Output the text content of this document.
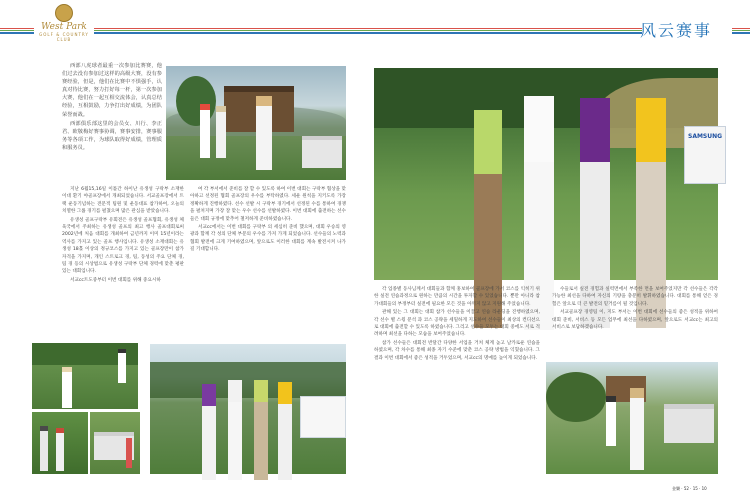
West Park
GOLF & COUNTRY CLUB	风云赛事

西部八虎球者最重一次参加比赛赛，他们过去没有参加过这样的高级大赛，没有参赛经验，但是，他们在比赛中不惧强手，认真对待比赛，努力打好每一杆，第一次参加大赛，他们在一起互相交流体会，认真总结经验，互相鼓励，力争打出好成绩，为团队荣誉而战。

西部俱乐部这里的会员女、川行、李正君、欧敬梅好赛事协调，赛事安排，赛事服务等各项工作，为球队取得好成绩，管理质和服务员。

지난 6월15,16일 이틀간 하이난 유생성 구락부 소재한 이대 환기 야골프장에서 개최되었습니다. 서교골프장에서 트랙 운동기념하는 전문적 팀원 및 운동대표 참가하여, 오늘의 치열한 그룹 경기를 펼쳤으며 많은 관심을 받았습니다.

유생성 골프구락부 유회전은 유생성 골프협회, 유생성 체육국에서 주최하는 유생성 골프의 최고 행사 골프대회로써 2002년에 처음 대회를 개최하여 금년까지 이미 15년이라는 역사를 가지고 있는 골프 행사입니다. 유생성 소재대회는 유생성 18홀 이상의 정규코스를 가지고 있는 골프장만이 참가자격을 가지며, 개인 스트로크 경, 팀, 동성의 주요 단체 경, 팀 경 등의 시상법으로 유생성 구락부 단체 경력에 맞춘 평판 있는 대회입니다.

서교cc트도중부터 이번 대회를 위해 중요시하

여 각 부서에서 준비를 잘 할 수 있도록 하여 이번 대회는 구락부 협상을 맞아하고 선정된 협회 골프장의 우수를 부탁하였다. 세운 원칙을 지키도록 가장 정확하게 진행하였다. 선수 선발 시 구락부 경기에서 선정된 수를 통하여 경쟁을 펼쳐지며 가장 잘 맞는 우수 선수를 선발하였다. 이번 대회에 출전하는 선수들은 대회 규정에 맞추어 철저하게 준비하였습니다.

서교cc에서는 이번 대회를 구락부 의 세심히 준비 했으며, 대회 우승의 영광과 함께 각 성의 단체 부문의 우수를 가져 가게 되었습니다. 선수들의 노력과 협회 발전에 크게 기여하였으며, 앞으로도 이러한 대회를 계속 발전시켜 나가길 기대합니다.

SAMSUNG

각 업종별 동사님께서 대회들과 함께 홍보하여 골프장에 가서 코스를 익히기 위한 실전 연습과정으로 원하는 만큼의 시간을 투자할 수 있었습니다. 뿐만 아니라 참가대회들의 부정부터 실전에 필요한 모든 것을 아끼지 않고 지원해 주었습니다.

관해 있는 그 대회는 대회 참가 선수들을 이끌고 연습 라운딩을 진행하였으며, 각 선수 별 스윙 분석 과 코스 공략을 세밀하게 지도하여 선수들이 최상의 컨디션으로 대회에 출전할 수 있도록 하였습니다. 그리고 선수들 모두는 대회 중에도 서로 격려하며 최선을 다하는 모습을 보여주었습니다.

참가 선수들은 대회전 반달간 다양한 서업을 거쳐 체계 높고 날카로운 연습을 하였으며, 각 차수를 통해 최종 자기 수준에 맞춘 코스 공략 방법을 익혔습니다. 그 결과 이번 대회에서 좋은 성적을 거두었으며, 서교cc의 명예를 높이게 되었습니다.

수들로서 실전 경험과 실력면에서 부족한 면을 보여주었지만 각 선수들은 각각 가능한 최선을 다하여 자신의 기량을 충분히 발휘하였습니다. 대회를 통해 얻은 경험은 앞으로 더 큰 발전의 밑거름이 될 것입니다.

서교골프장 경영팀 이, 지도 부서는 이번 대회에 선수들의 좋은 성적을 위하여 대회 준비, 서비스 등 모든 업무에 최선을 다하였으며, 앞으로도 서교cc는 최고의 서비스로 보답하겠습니다.

金樂 · 52 · 15 · 10
